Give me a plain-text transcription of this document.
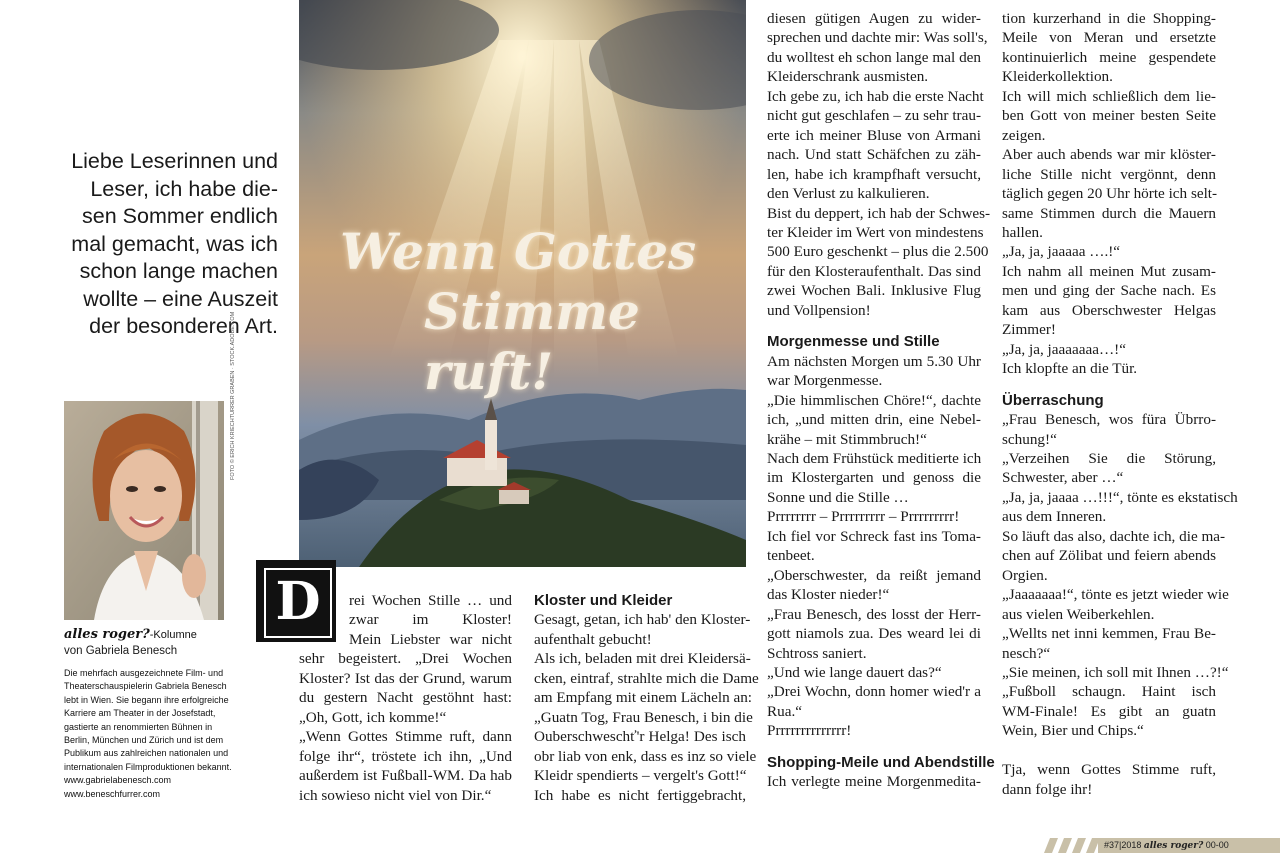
Liebe Leserinnen und
Leser, ich habe die-
sen Sommer endlich
mal gemacht, was ich
schon lange machen
wollte – eine Auszeit
der besonderen Art.
FOTO © ERICH KRIECHTURRER GRABEN · STOCK.ADOBE.COM
alles roger?-Kolumne
von Gabriela Benesch
Die mehrfach ausgezeichnete Film- und
Theaterschauspielerin Gabriela Benesch
lebt in Wien. Sie begann ihre erfolgreiche
Karriere am Theater in der Josefstadt,
gastierte an renommierten Bühnen in
Berlin, München und Zürich und ist dem
Publikum aus zahlreichen nationalen und
internationalen Filmproduktionen bekannt.
www.gabrielabenesch.com
www.beneschfurrer.com
Wenn Gottes
Stimme ruft!
D	rei Wochen Stille … und
zwar im Kloster!
Mein Liebster war nicht
sehr begeistert. „Drei Wochen
Kloster? Ist das der Grund, warum
du gestern Nacht gestöhnt hast:
„Oh, Gott, ich komme!“
„Wenn Gottes Stimme ruft, dann
folge ihr“, tröstete ich ihn, „Und
außerdem ist Fußball-WM. Da hab
ich sowieso nicht viel von Dir.“
Kloster und Kleider
Gesagt, getan, ich hab' den Kloster-
aufenthalt gebucht!
Als ich, beladen mit drei Kleidersä-
cken, eintraf, strahlte mich die Dame
am Empfang mit einem Lächeln an:
„Guatn Tog, Frau Benesch, i bin die
Ouberschweschť'r Helga! Des isch
obr liab von enk, dass es inz so viele
Kleidr spendierts – vergelt's Gott!“
Ich habe es nicht fertiggebracht,
diesen gütigen Augen zu wider-
sprechen und dachte mir: Was soll's,
du wolltest eh schon lange mal den
Kleiderschrank ausmisten.
Ich gebe zu, ich hab die erste Nacht
nicht gut geschlafen – zu sehr trau-
erte ich meiner Bluse von Armani
nach. Und statt Schäfchen zu zäh-
len, habe ich krampfhaft versucht,
den Verlust zu kalkulieren.
Bist du deppert, ich hab der Schwes-
ter Kleider im Wert von mindestens
500 Euro geschenkt – plus die 2.500
für den Klosteraufenthalt. Das sind
zwei Wochen Bali. Inklusive Flug
und Vollpension!
Morgenmesse und Stille
Am nächsten Morgen um 5.30 Uhr
war Morgenmesse.
„Die himmlischen Chöre!“, dachte
ich, „und mitten drin, eine Nebel-
krähe – mit Stimmbruch!“
Nach dem Frühstück meditierte ich
im Klostergarten und genoss die
Sonne und die Stille …
Prrrrrrrr – Prrrrrrrrr – Prrrrrrrrr!
Ich fiel vor Schreck fast ins Toma-
tenbeet.
„Oberschwester, da reißt jemand
das Kloster nieder!“
„Frau Benesch, des losst der Herr-
gott niamols zua. Des weard lei di
Schtross saniert.
„Und wie lange dauert das?“
„Drei Wochn, donn homer wied'r a
Rua.“
Prrrrrrrrrrrrrr!
Shopping-Meile und Abendstille
Ich verlegte meine Morgenmedita-
tion kurzerhand in die Shopping-
Meile von Meran und ersetzte
kontinuierlich meine gespendete
Kleiderkollektion.
Ich will mich schließlich dem lie-
ben Gott von meiner besten Seite
zeigen.
Aber auch abends war mir klöster-
liche Stille nicht vergönnt, denn
täglich gegen 20 Uhr hörte ich selt-
same Stimmen durch die Mauern
hallen.
„Ja, ja, jaaaaa ….!“
Ich nahm all meinen Mut zusam-
men und ging der Sache nach. Es
kam aus Oberschwester Helgas
Zimmer!
„Ja, ja, jaaaaaaa…!“
Ich klopfte an die Tür.
Überraschung
„Frau Benesch, wos füra Übrro-
schung!“
„Verzeihen Sie die Störung,
Schwester, aber …“
„Ja, ja, jaaaa …!!!“, tönte es ekstatisch
aus dem Inneren.
So läuft das also, dachte ich, die ma-
chen auf Zölibat und feiern abends
Orgien.
„Jaaaaaaa!“, tönte es jetzt wieder wie
aus vielen Weiberkehlen.
„Wellts net inni kemmen, Frau Be-
nesch?“
„Sie meinen, ich soll mit Ihnen …?!“
„Fußboll schaugn. Haint isch
WM-Finale! Es gibt an guatn
Wein, Bier und Chips.“

Tja, wenn Gottes Stimme ruft,
dann folge ihr!
#37|2018 alles roger? 00-00
